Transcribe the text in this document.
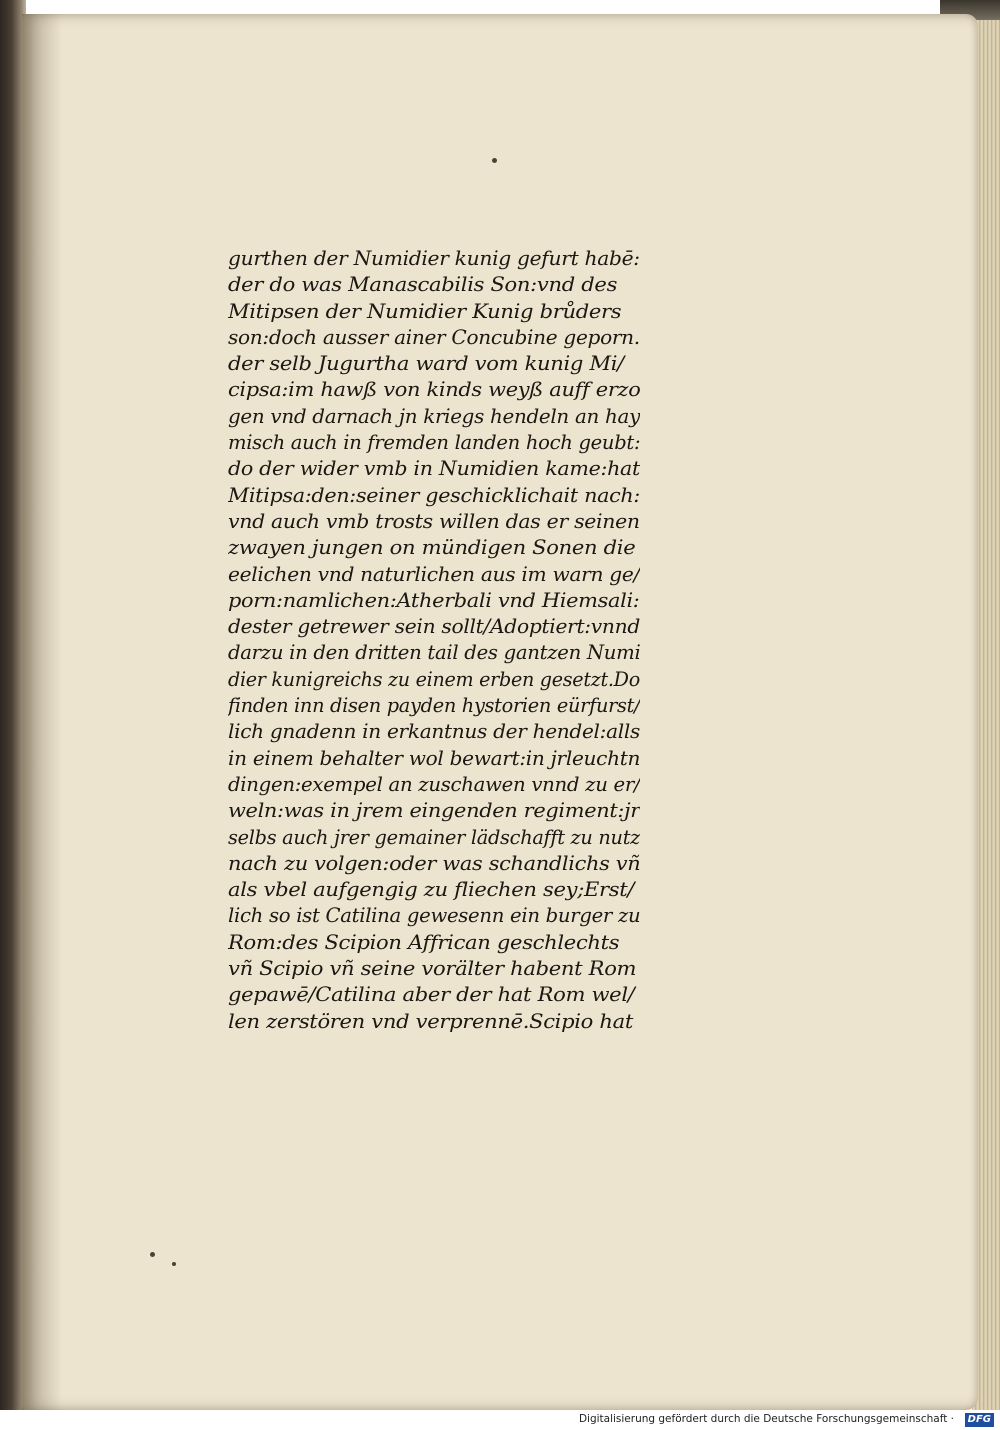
gurthen der Numidier kunig gefurt habē:
der do was Manascabilis Son:vnd des
Mitipsen der Numidier Kunig brůders
son:doch ausser ainer Concubine geporn.
der selb Jugurtha ward vom kunig Mi/
cipsa:im hawß von kinds weyß auff erzo
gen vnd darnach jn kriegs hendeln an hay
misch auch in fremden landen hoch geubt:
do der wider vmb in Numidien kame:hat
Mitipsa:den:seiner geschicklichait nach:
vnd auch vmb trosts willen das er seinen
zwayen jungen on mündigen Sonen die
eelichen vnd naturlichen aus im warn ge/
porn:namlichen:Atherbali vnd Hiemsali:
dester getrewer sein sollt/Adoptiert:vnnd
darzu in den dritten tail des gantzen Numi
dier kunigreichs zu einem erben gesetzt.Do
finden inn disen payden hystorien eürfurst/
lich gnadenn in erkantnus der hendel:alls
in einem behalter wol bewart:in jrleuchtn
dingen:exempel an zuschawen vnnd zu er/
weln:was in jrem eingenden regiment:jr
selbs auch jrer gemainer lädschafft zu nutz
nach zu volgen:oder was schandlichs vñ
als vbel aufgengig zu fliechen sey;Erst/
lich so ist Catilina gewesenn ein burger zu
Rom:des Scipion Affrican geschlechts
vñ Scipio vñ seine vorälter habent Rom
gepawē/Catilina aber der hat Rom wel/
len zerstören vnd verprennē.Scipio hat
Digitalisierung gefördert durch die Deutsche Forschungsgemeinschaft ·	DFG
